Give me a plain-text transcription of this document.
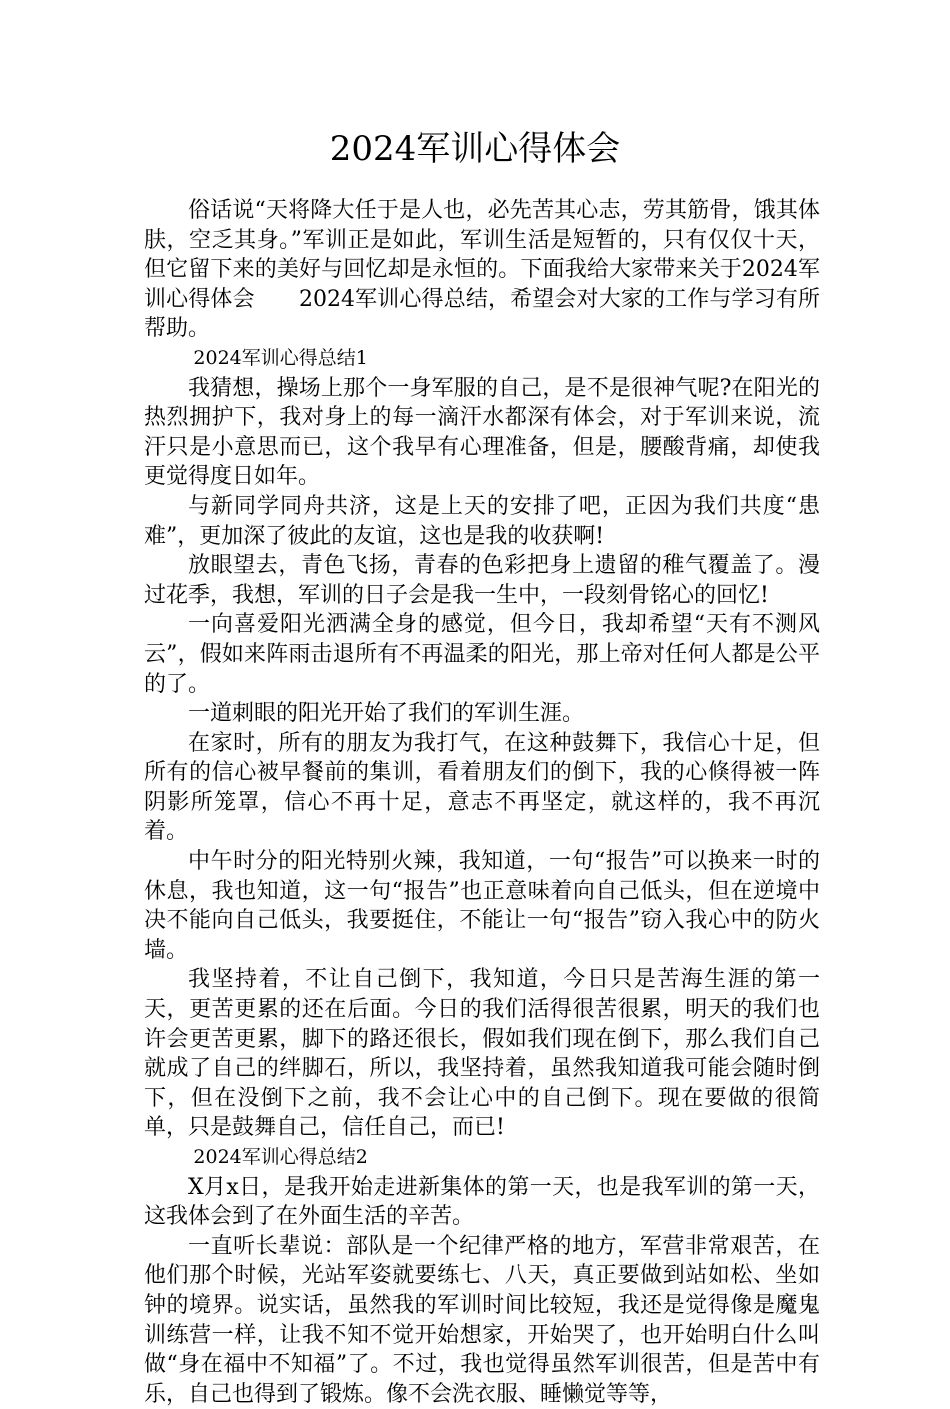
2024军训心得体会

俗话说“天将降大任于是人也，必先苦其心志，劳其筋骨，饿其体肤，空乏其身。”军训正是如此，军训生活是短暂的，只有仅仅十天，但它留下来的美好与回忆却是永恒的。下面我给大家带来关于2024军训心得体会　　2024军训心得总结，希望会对大家的工作与学习有所帮助。

2024军训心得总结1

我猜想，操场上那个一身军服的自己，是不是很神气呢?在阳光的热烈拥护下，我对身上的每一滴汗水都深有体会，对于军训来说，流汗只是小意思而已，这个我早有心理准备，但是，腰酸背痛，却使我更觉得度日如年。

与新同学同舟共济，这是上天的安排了吧，正因为我们共度“患难”，更加深了彼此的友谊，这也是我的收获啊!

放眼望去，青色飞扬，青春的色彩把身上遗留的稚气覆盖了。漫过花季，我想，军训的日子会是我一生中，一段刻骨铭心的回忆!

一向喜爱阳光洒满全身的感觉，但今日，我却希望“天有不测风云”，假如来阵雨击退所有不再温柔的阳光，那上帝对任何人都是公平的了。

一道刺眼的阳光开始了我们的军训生涯。

在家时，所有的朋友为我打气，在这种鼓舞下，我信心十足，但所有的信心被早餐前的集训，看着朋友们的倒下，我的心倏得被一阵阴影所笼罩，信心不再十足，意志不再坚定，就这样的，我不再沉着。

中午时分的阳光特别火辣，我知道，一句“报告”可以换来一时的休息，我也知道，这一句“报告”也正意味着向自己低头，但在逆境中决不能向自己低头，我要挺住，不能让一句“报告”窃入我心中的防火墙。

我坚持着，不让自己倒下，我知道，今日只是苦海生涯的第一天，更苦更累的还在后面。今日的我们活得很苦很累，明天的我们也许会更苦更累，脚下的路还很长，假如我们现在倒下，那么我们自己就成了自己的绊脚石，所以，我坚持着，虽然我知道我可能会随时倒下，但在没倒下之前，我不会让心中的自己倒下。现在要做的很简单，只是鼓舞自己，信任自己，而已!

2024军训心得总结2

X月x日，是我开始走进新集体的第一天，也是我军训的第一天，这我体会到了在外面生活的辛苦。

一直听长辈说：部队是一个纪律严格的地方，军营非常艰苦，在他们那个时候，光站军姿就要练七、八天，真正要做到站如松、坐如钟的境界。说实话，虽然我的军训时间比较短，我还是觉得像是魔鬼训练营一样，让我不知不觉开始想家，开始哭了，也开始明白什么叫做“身在福中不知福”了。不过，我也觉得虽然军训很苦，但是苦中有乐，自己也得到了锻炼。像不会洗衣服、睡懒觉等等，
